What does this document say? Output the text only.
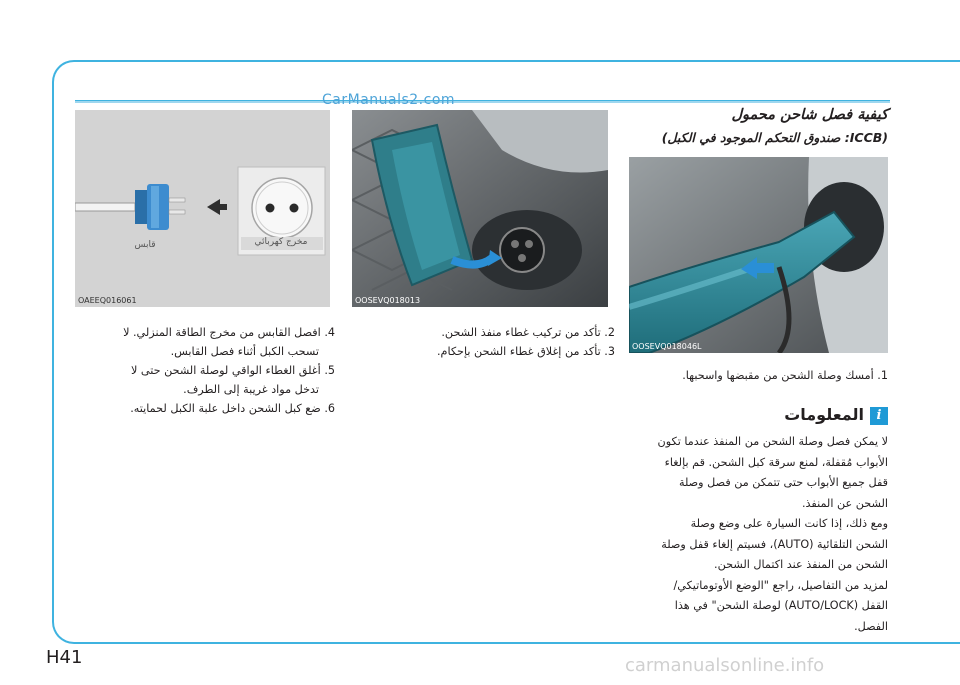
CarManuals2.com
مخرج كهربائي
قابس
OAEEQ016061	OOSEVQ018013
OOSEVQ018046L
كيفية فصل شاحن محمول
(ICCB: صندوق التحكم الموجود في الكبل)
4. افصل القابس من مخرج الطاقة المنزلي. لا
تسحب الكبل أثناء فصل القابس.
5. أغلق الغطاء الواقي لوصلة الشحن حتى لا
تدخل مواد غريبة إلى الطرف.
6. ضع كبل الشحن داخل علبة الكبل لحمايته.
2. تأكد من تركيب غطاء منفذ الشحن.
3. تأكد من إغلاق غطاء الشحن بإحكام.
1. أمسك وصلة الشحن من مقبضها واسحبها.
i
المعلومات
لا يمكن فصل وصلة الشحن من المنفذ عندما تكون
الأبواب مُقفلة، لمنع سرقة كبل الشحن. قم بإلغاء
قفل جميع الأبواب حتى تتمكن من فصل وصلة
الشحن عن المنفذ.
ومع ذلك، إذا كانت السيارة على وضع وصلة
الشحن التلقائية (AUTO)، فسيتم إلغاء قفل وصلة
الشحن من المنفذ عند اكتمال الشحن.
لمزيد من التفاصيل، راجع "الوضع الأوتوماتيكي/
القفل (AUTO/LOCK) لوصلة الشحن" في هذا
الفصل.
H41	carmanualsonline.info
